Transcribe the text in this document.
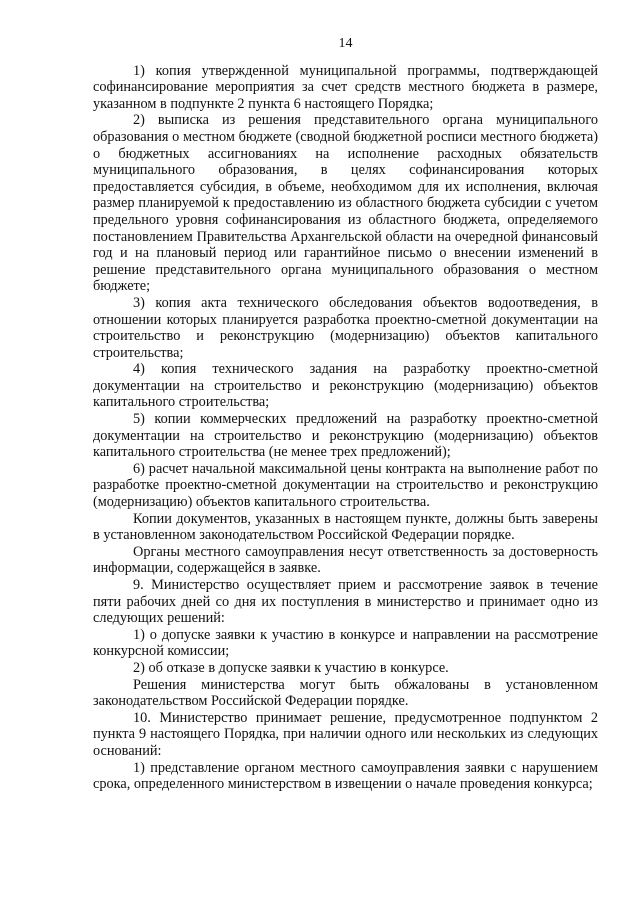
14

1) копия утвержденной муниципальной программы, подтверждающей софинансирование мероприятия за счет средств местного бюджета в размере, указанном в подпункте 2 пункта 6 настоящего Порядка;

2) выписка из решения представительного органа муниципального образования о местном бюджете (сводной бюджетной росписи местного бюджета) о бюджетных ассигнованиях на исполнение расходных обязательств муниципального образования, в целях софинансирования которых предоставляется субсидия, в объеме, необходимом для их исполнения, включая размер планируемой к предоставлению из областного бюджета субсидии с учетом предельного уровня софинансирования из областного бюджета, определяемого постановлением Правительства Архангельской области на очередной финансовый год и на плановый период или гарантийное письмо о внесении изменений в решение представительного органа муниципального образования о местном бюджете;

3) копия акта технического обследования объектов водоотведения, в отношении которых планируется разработка проектно-сметной документации на строительство и реконструкцию (модернизацию) объектов капитального строительства;

4) копия технического задания на разработку проектно-сметной документации на строительство и реконструкцию (модернизацию) объектов капитального строительства;

5) копии коммерческих предложений на разработку проектно-сметной документации на строительство и реконструкцию (модернизацию) объектов капитального строительства (не менее трех предложений);

6) расчет начальной максимальной цены контракта на выполнение работ по разработке проектно-сметной документации на строительство и реконструкцию (модернизацию) объектов капитального строительства.

Копии документов, указанных в настоящем пункте, должны быть заверены в установленном законодательством Российской Федерации порядке.

Органы местного самоуправления несут ответственность за достоверность информации, содержащейся в заявке.

9. Министерство осуществляет прием и рассмотрение заявок в течение пяти рабочих дней со дня их поступления в министерство и принимает одно из следующих решений:

1) о допуске заявки к участию в конкурсе и направлении на рассмотрение конкурсной комиссии;

2) об отказе в допуске заявки к участию в конкурсе.

Решения министерства могут быть обжалованы в установленном законодательством Российской Федерации порядке.

10. Министерство принимает решение, предусмотренное подпунктом 2 пункта 9 настоящего Порядка, при наличии одного или нескольких из следующих оснований:

1) представление органом местного самоуправления заявки с нарушением срока, определенного министерством в извещении о начале проведения конкурса;
